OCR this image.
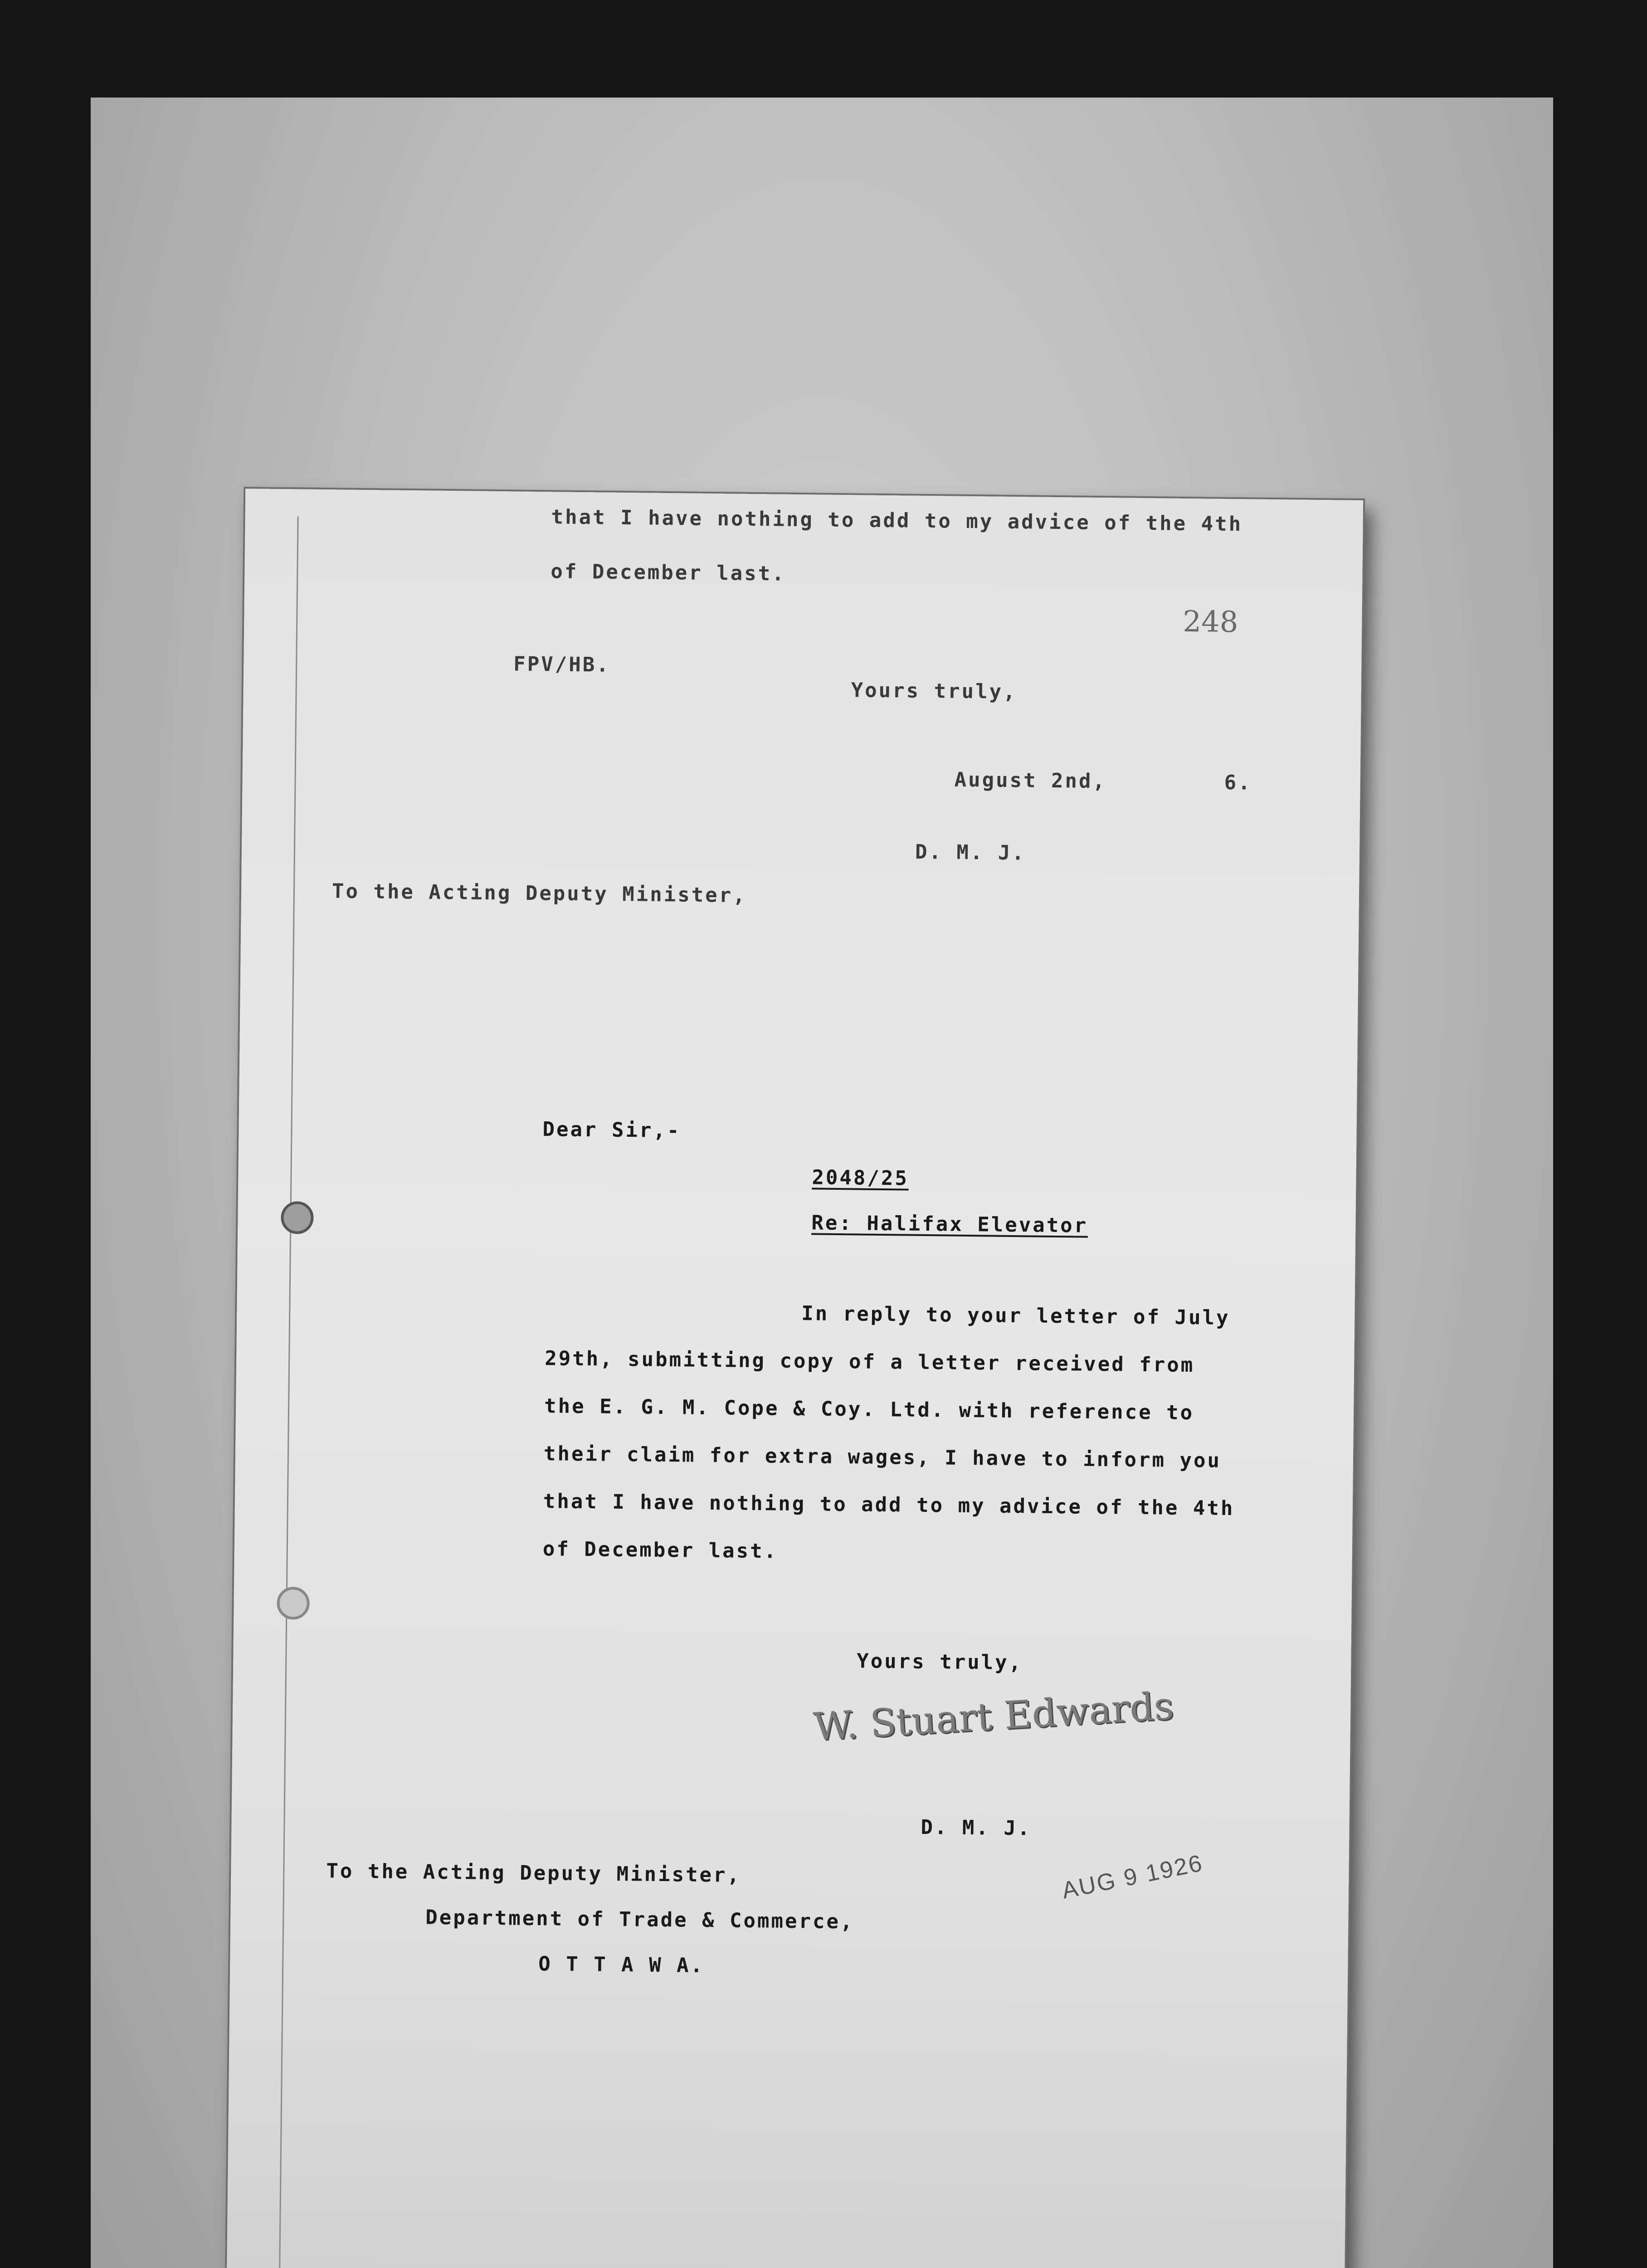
that I have nothing to add to my advice of the 4th
of December last.
248
FPV/HB.
Yours truly,
August 2nd,	6.
D. M. J.
To the Acting Deputy Minister,
Dear Sir,-
2048/25
Re: Halifax Elevator
In reply to your letter of July
29th, submitting copy of a letter received from
the E. G. M. Cope & Coy. Ltd. with reference to
their claim for extra wages, I have to inform you
that I have nothing to add to my advice of the 4th
of December last.
Yours truly,
W. Stuart Edwards
D. M. J.
To the Acting Deputy Minister,
Department of Trade & Commerce,
O T T A W A.
AUG 9 1926
